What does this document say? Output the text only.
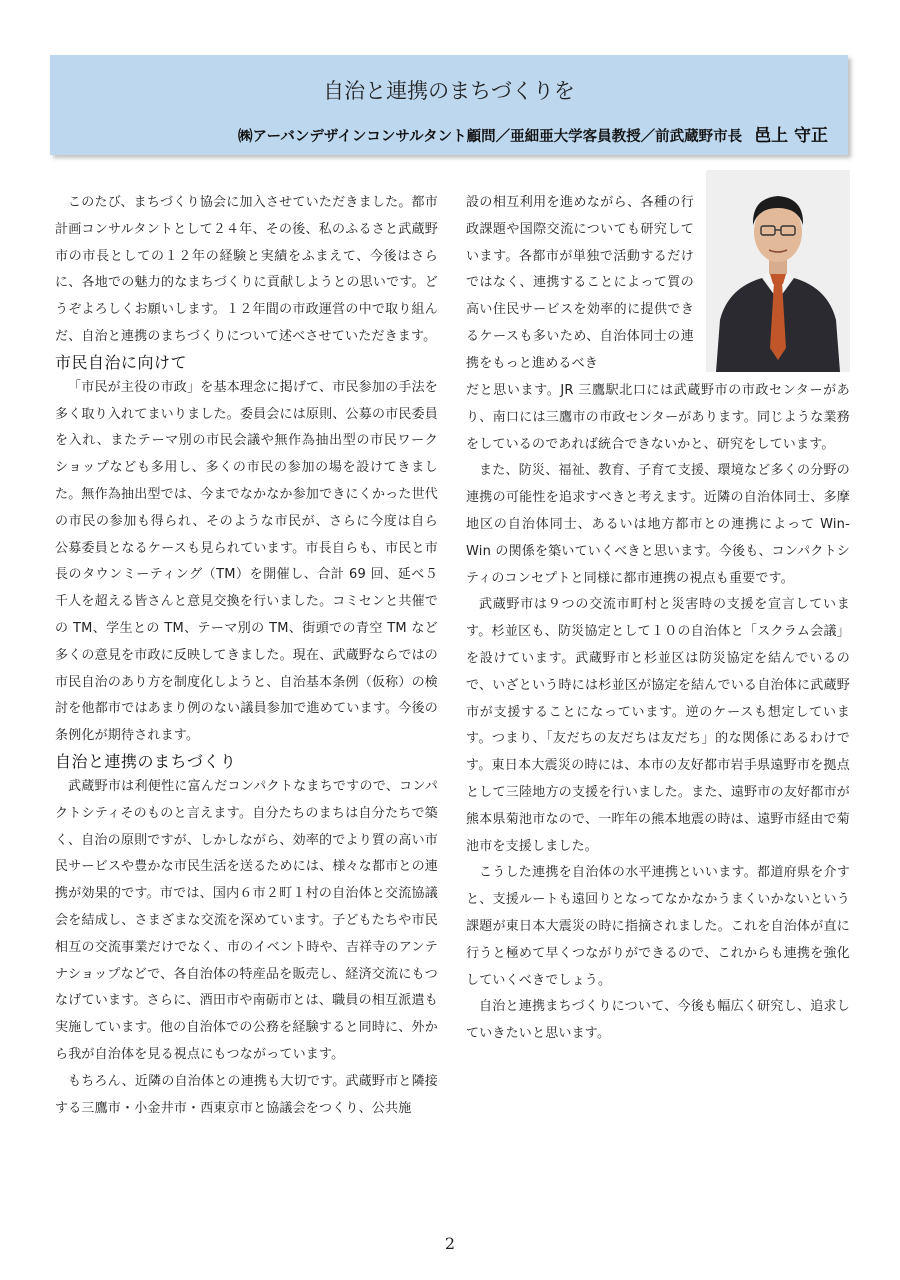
自治と連携のまちづくりを
㈱アーバンデザインコンサルタント顧問／亜細亜大学客員教授／前武蔵野市長 邑上 守正

このたび、まちづくり協会に加入させていただきました。都市計画コンサルタントとして２４年、その後、私のふるさと武蔵野市の市長としての１２年の経験と実績をふまえて、今後はさらに、各地での魅力的なまちづくりに貢献しようとの思いです。どうぞよろしくお願いします。１２年間の市政運営の中で取り組んだ、自治と連携のまちづくりについて述べさせていただきます。

市民自治に向けて

「市民が主役の市政」を基本理念に掲げて、市民参加の手法を多く取り入れてまいりました。委員会には原則、公募の市民委員を入れ、またテーマ別の市民会議や無作為抽出型の市民ワークショップなども多用し、多くの市民の参加の場を設けてきました。無作為抽出型では、今までなかなか参加できにくかった世代の市民の参加も得られ、そのような市民が、さらに今度は自ら公募委員となるケースも見られています。市長自らも、市民と市長のタウンミーティング（TM）を開催し、合計 69 回、延べ５千人を超える皆さんと意見交換を行いました。コミセンと共催での TM、学生との TM、テーマ別の TM、街頭での青空 TM など多くの意見を市政に反映してきました。現在、武蔵野ならではの市民自治のあり方を制度化しようと、自治基本条例（仮称）の検討を他都市ではあまり例のない議員参加で進めています。今後の条例化が期待されます。

自治と連携のまちづくり

武蔵野市は利便性に富んだコンパクトなまちですので、コンパクトシティそのものと言えます。自分たちのまちは自分たちで築く、自治の原則ですが、しかしながら、効率的でより質の高い市民サービスや豊かな市民生活を送るためには、様々な都市との連携が効果的です。市では、国内６市２町１村の自治体と交流協議会を結成し、さまざまな交流を深めています。子どもたちや市民相互の交流事業だけでなく、市のイベント時や、吉祥寺のアンテナショップなどで、各自治体の特産品を販売し、経済交流にもつなげています。さらに、酒田市や南砺市とは、職員の相互派遣も実施しています。他の自治体での公務を経験すると同時に、外から我が自治体を見る視点にもつながっています。

もちろん、近隣の自治体との連携も大切です。武蔵野市と隣接する三鷹市・小金井市・西東京市と協議会をつくり、公共施

設の相互利用を進めながら、各種の行政課題や国際交流についても研究しています。各都市が単独で活動するだけではなく、連携することによって質の高い住民サービスを効率的に提供できるケースも多いため、自治体同士の連携をもっと進めるべき

だと思います。JR 三鷹駅北口には武蔵野市の市政センターがあり、南口には三鷹市の市政センターがあります。同じような業務をしているのであれば統合できないかと、研究をしています。

また、防災、福祉、教育、子育て支援、環境など多くの分野の連携の可能性を追求すべきと考えます。近隣の自治体同士、多摩地区の自治体同士、あるいは地方都市との連携によって Win-Win の関係を築いていくべきと思います。今後も、コンパクトシティのコンセプトと同様に都市連携の視点も重要です。

武蔵野市は９つの交流市町村と災害時の支援を宣言しています。杉並区も、防災協定として１０の自治体と「スクラム会議」を設けています。武蔵野市と杉並区は防災協定を結んでいるので、いざという時には杉並区が協定を結んでいる自治体に武蔵野市が支援することになっています。逆のケースも想定しています。つまり、「友だちの友だちは友だち」的な関係にあるわけです。東日本大震災の時には、本市の友好都市岩手県遠野市を拠点として三陸地方の支援を行いました。また、遠野市の友好都市が熊本県菊池市なので、一昨年の熊本地震の時は、遠野市経由で菊池市を支援しました。

こうした連携を自治体の水平連携といいます。都道府県を介すと、支援ルートも遠回りとなってなかなかうまくいかないという課題が東日本大震災の時に指摘されました。これを自治体が直に行うと極めて早くつながりができるので、これからも連携を強化していくべきでしょう。

自治と連携まちづくりについて、今後も幅広く研究し、追求していきたいと思います。

2
